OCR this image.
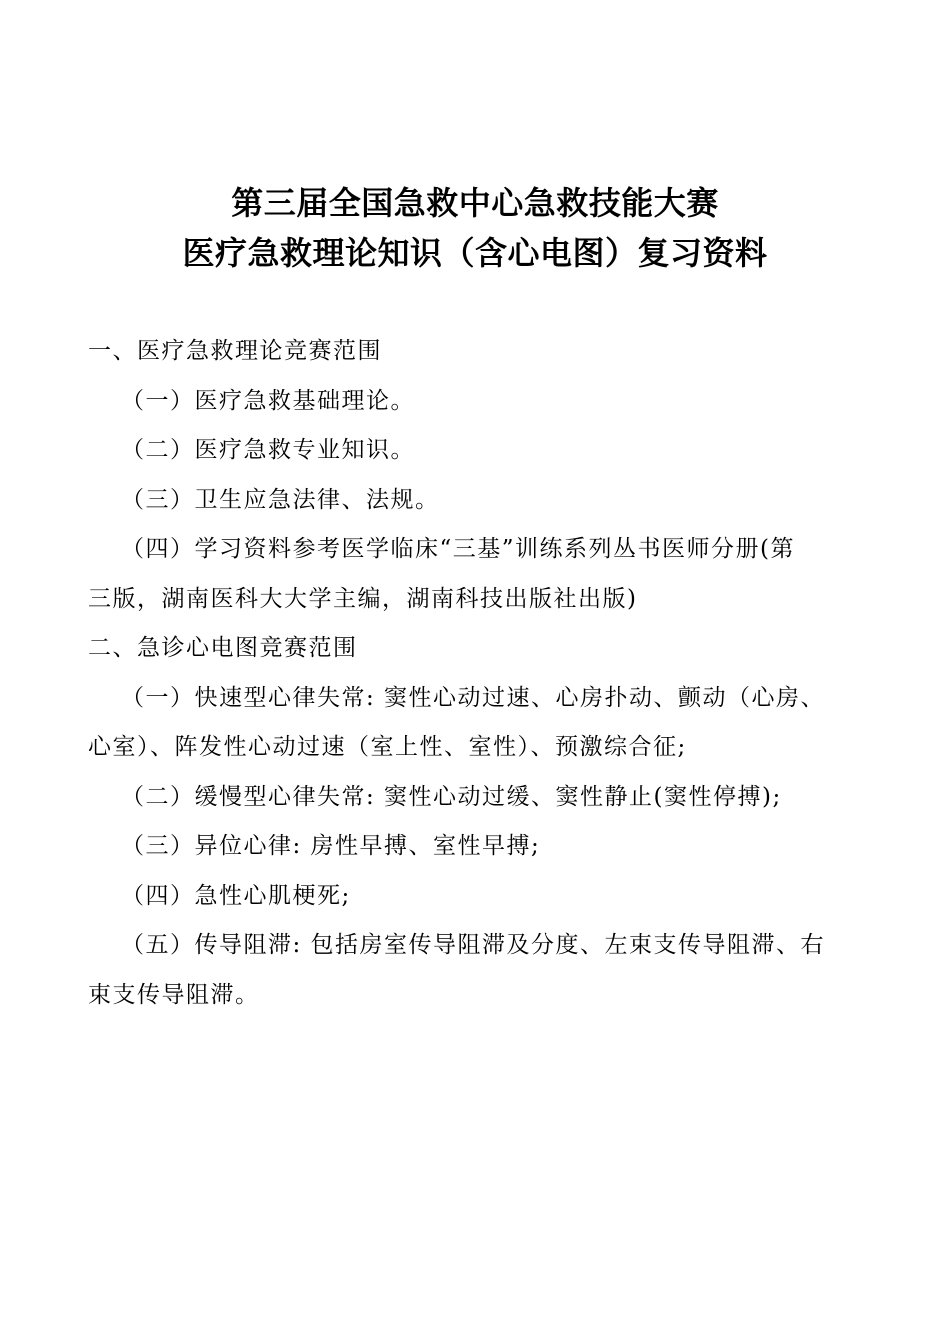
第三届全国急救中心急救技能大赛
医疗急救理论知识（含心电图）复习资料
一、医疗急救理论竞赛范围
（一）医疗急救基础理论。
（二）医疗急救专业知识。
（三）卫生应急法律、法规。
（四）学习资料参考医学临床“三基”训练系列丛书医师分册(第
三版，湖南医科大大学主编，湖南科技出版社出版)
二、急诊心电图竞赛范围
（一）快速型心律失常: 窦性心动过速、心房扑动、颤动（心房、
心室）、阵发性心动过速（室上性、室性）、预激综合征;
（二）缓慢型心律失常: 窦性心动过缓、窦性静止(窦性停搏);
（三）异位心律: 房性早搏、室性早搏;
（四）急性心肌梗死;
（五）传导阻滞: 包括房室传导阻滞及分度、左束支传导阻滞、右
束支传导阻滞。
